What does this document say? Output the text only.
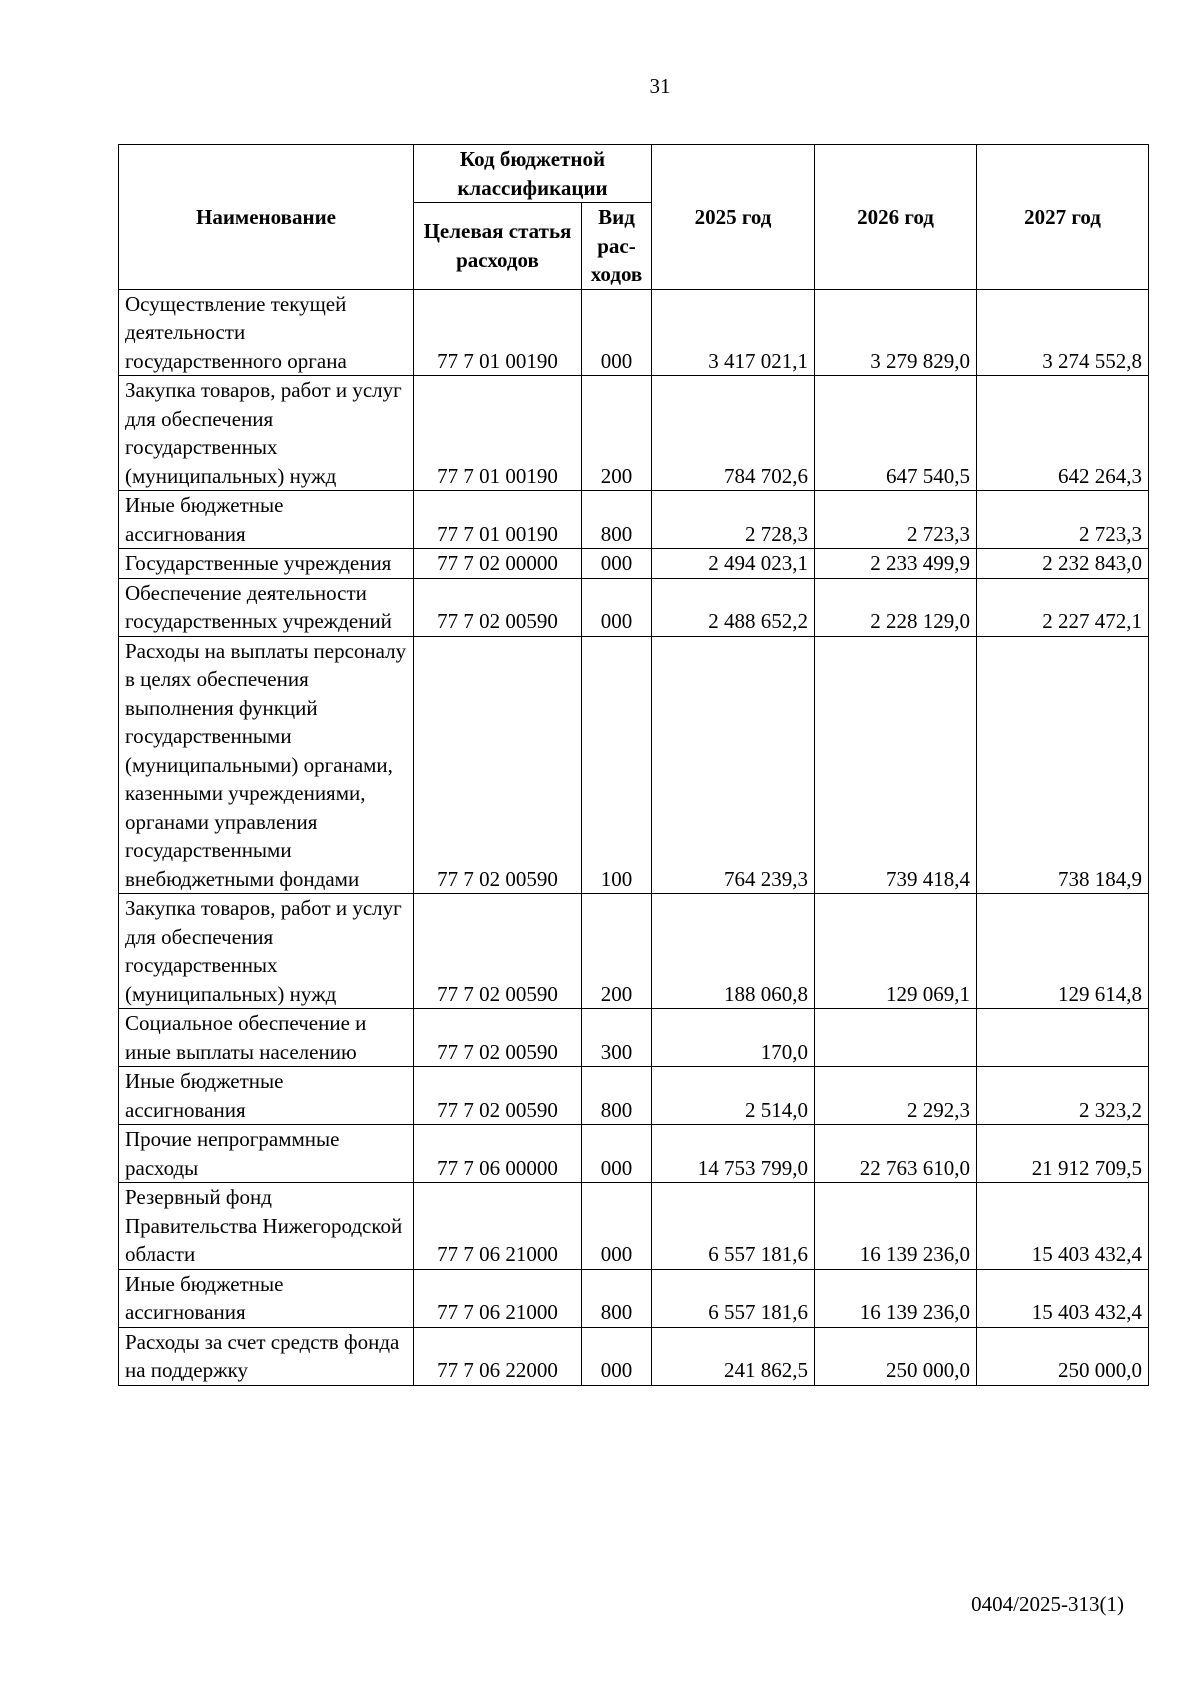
31
Наименование	Код бюджетной классификации		2025 год	2026 год	2027 год
	Целевая статья расходов	Вид рас-ходов			
Осуществление текущей деятельности государственного органа	77 7 01 00190	000	3 417 021,1	3 279 829,0	3 274 552,8
Закупка товаров, работ и услуг для обеспечения государственных (муниципальных) нужд	77 7 01 00190	200	784 702,6	647 540,5	642 264,3
Иные бюджетные ассигнования	77 7 01 00190	800	2 728,3	2 723,3	2 723,3
Государственные учреждения	77 7 02 00000	000	2 494 023,1	2 233 499,9	2 232 843,0
Обеспечение деятельности государственных учреждений	77 7 02 00590	000	2 488 652,2	2 228 129,0	2 227 472,1
Расходы на выплаты персоналу в целях обеспечения выполнения функций государственными (муниципальными) органами, казенными учреждениями, органами управления государственными внебюджетными фондами	77 7 02 00590	100	764 239,3	739 418,4	738 184,9
Закупка товаров, работ и услуг для обеспечения государственных (муниципальных) нужд	77 7 02 00590	200	188 060,8	129 069,1	129 614,8
Социальное обеспечение и иные выплаты населению	77 7 02 00590	300	170,0		
Иные бюджетные ассигнования	77 7 02 00590	800	2 514,0	2 292,3	2 323,2
Прочие непрограммные расходы	77 7 06 00000	000	14 753 799,0	22 763 610,0	21 912 709,5
Резервный фонд Правительства Нижегородской области	77 7 06 21000	000	6 557 181,6	16 139 236,0	15 403 432,4
Иные бюджетные ассигнования	77 7 06 21000	800	6 557 181,6	16 139 236,0	15 403 432,4
Расходы за счет средств фонда на поддержку	77 7 06 22000	000	241 862,5	250 000,0	250 000,0
0404/2025-313(1)
